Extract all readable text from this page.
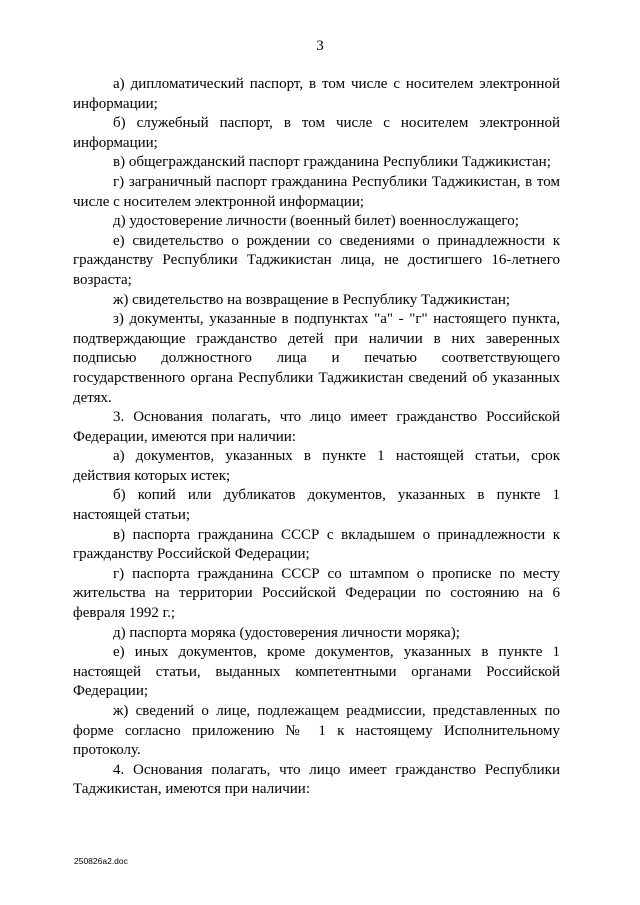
3

а) дипломатический паспорт, в том числе с носителем электронной информации;

б) служебный паспорт, в том числе с носителем электронной информации;

в) общегражданский паспорт гражданина Республики Таджикистан;

г) заграничный паспорт гражданина Республики Таджикистан, в том числе с носителем электронной информации;

д) удостоверение личности (военный билет) военнослужащего;

е) свидетельство о рождении со сведениями о принадлежности к гражданству Республики Таджикистан лица, не достигшего 16-летнего возраста;

ж) свидетельство на возвращение в Республику Таджикистан;

з) документы, указанные в подпунктах "а" - "г" настоящего пункта, подтверждающие гражданство детей при наличии в них заверенных подписью должностного лица и печатью соответствующего государственного органа Республики Таджикистан сведений об указанных детях.

3. Основания полагать, что лицо имеет гражданство Российской Федерации, имеются при наличии:

а) документов, указанных в пункте 1 настоящей статьи, срок действия которых истек;

б) копий или дубликатов документов, указанных в пункте 1 настоящей статьи;

в) паспорта гражданина СССР с вкладышем о принадлежности к гражданству Российской Федерации;

г) паспорта гражданина СССР со штампом о прописке по месту жительства на территории Российской Федерации по состоянию на 6 февраля 1992 г.;

д) паспорта моряка (удостоверения личности моряка);

е) иных документов, кроме документов, указанных в пункте 1 настоящей статьи, выданных компетентными органами Российской Федерации;

ж) сведений о лице, подлежащем реадмиссии, представленных по форме согласно приложению № 1 к настоящему Исполнительному протоколу.

4. Основания полагать, что лицо имеет гражданство Республики Таджикистан, имеются при наличии:

250826a2.doc
